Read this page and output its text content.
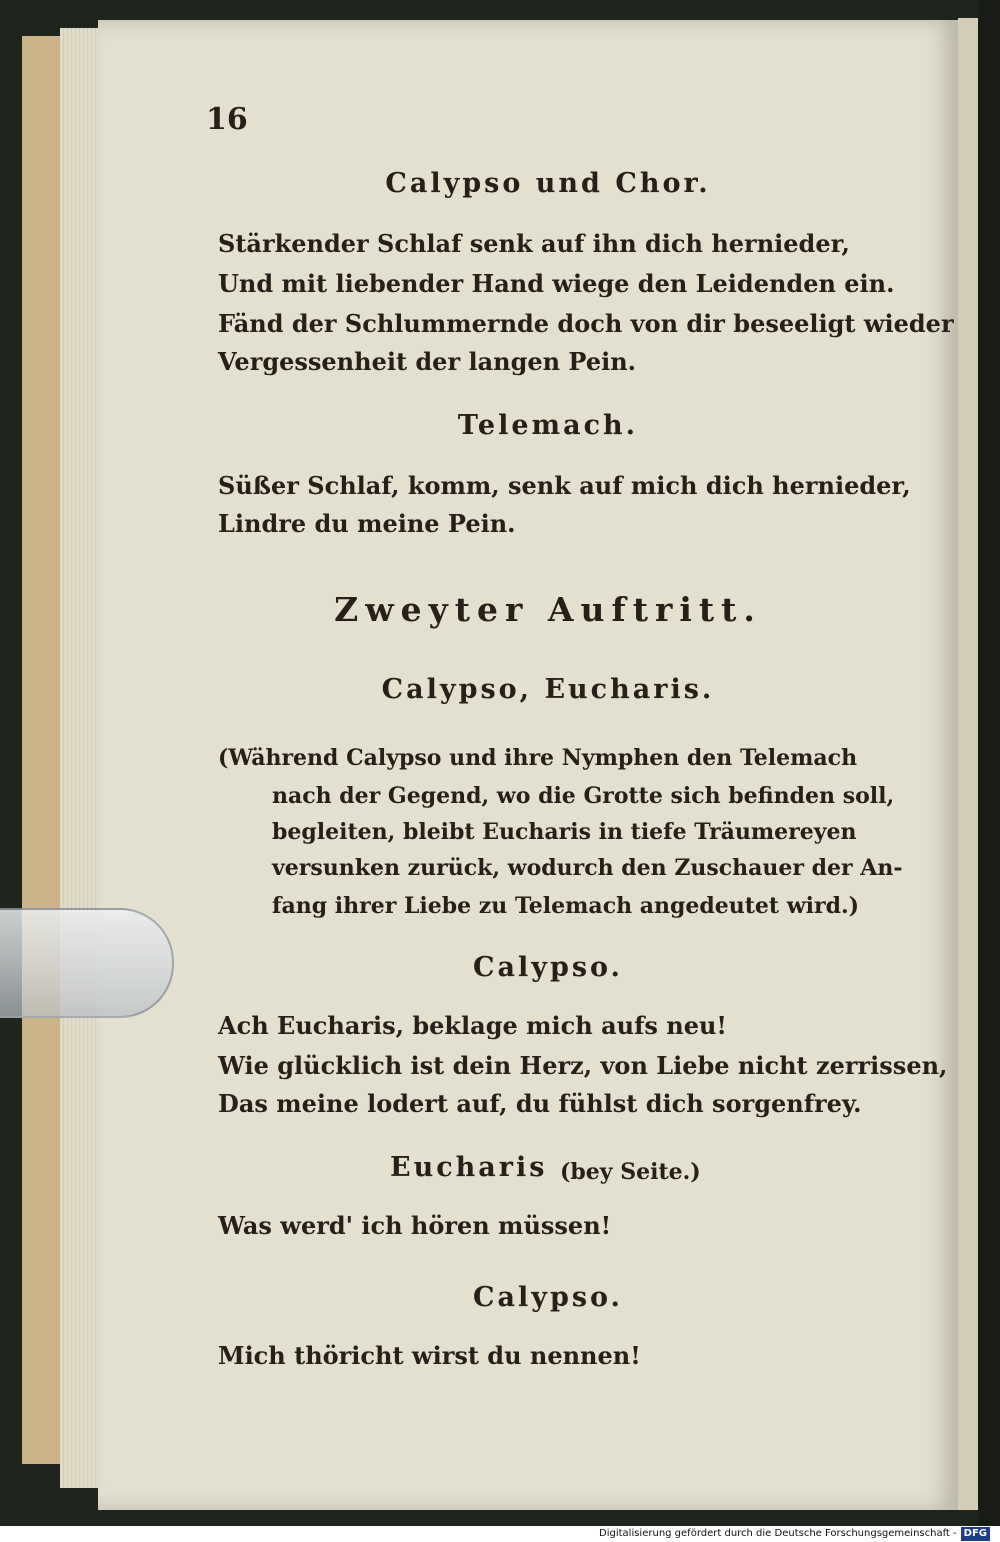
16

Calypso und Chor.

Stärkender Schlaf senk auf ihn dich hernieder,

Und mit liebender Hand wiege den Leidenden ein.

Fänd der Schlummernde doch von dir beseeligt wieder

Vergessenheit der langen Pein.

Telemach.

Süßer Schlaf, komm, senk auf mich dich hernieder,

Lindre du meine Pein.

Zweyter Auftritt.

Calypso, Eucharis.

(Während Calypso und ihre Nymphen den Telemach

nach der Gegend, wo die Grotte sich befinden soll,

begleiten, bleibt Eucharis in tiefe Träumereyen

versunken zurück, wodurch den Zuschauer der An-

fang ihrer Liebe zu Telemach angedeutet wird.)

Calypso.

Ach Eucharis, beklage mich aufs neu!

Wie glücklich ist dein Herz, von Liebe nicht zerrissen,

Das meine lodert auf, du fühlst dich sorgenfrey.

Eucharis (bey Seite.)

Was werd' ich hören müssen!

Calypso.

Mich thöricht wirst du nennen!

Digitalisierung gefördert durch die Deutsche Forschungsgemeinschaft - DFG
